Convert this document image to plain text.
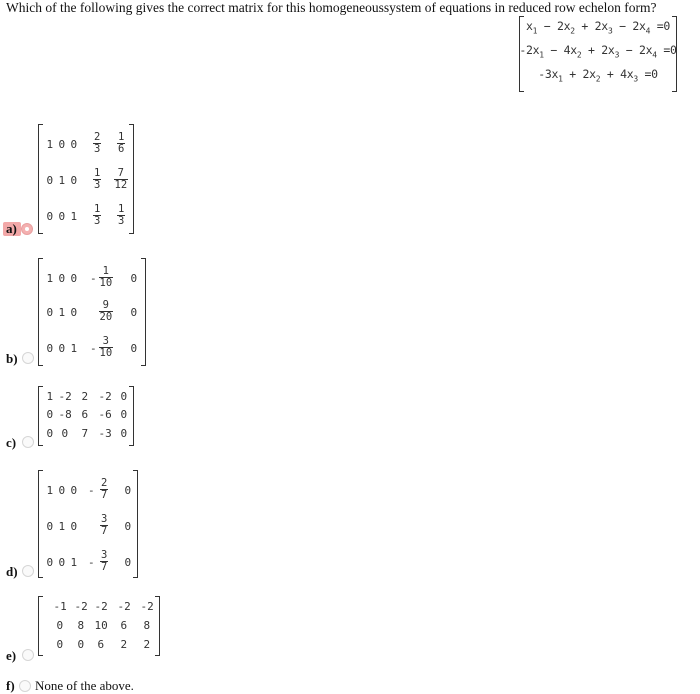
Which of the following gives the correct matrix for this homogeneoussystem of equations in reduced row echelon form?
$x_1 - 2x_2 + 2x_3 - 2x_4 =0$
$-2x_1 - 4x_2 + 2x_3 - 2x_4 =0$
$-3x_1 + 2x_2 + 4x_3 =0$
a)
1 0 $0 \frac{2}{3} \frac{1}{6}$
0 1 $0 \frac{1}{3} \frac{7}{12}$
0 0 $1 \frac{1}{3} \frac{1}{3}$
b)
1 0 $0 - \frac{1}{10} 0$
0 1 $0 \frac{9}{20} 0$
0 0 $1 - \frac{3}{10} 0$
c)
1 -2 2 -2 0
0 -8 6 -6 0
0 0 7 -3 0
d)
1 0 $0 - \frac{2}{7} 0$
0 1 $0 \frac{3}{7} 0$
0 0 $1 - \frac{3}{7} 0$
e)
-1 -2 -2 -2 -2
0 8 10 6 8
0 0 6 2 2
f) None of the above.
